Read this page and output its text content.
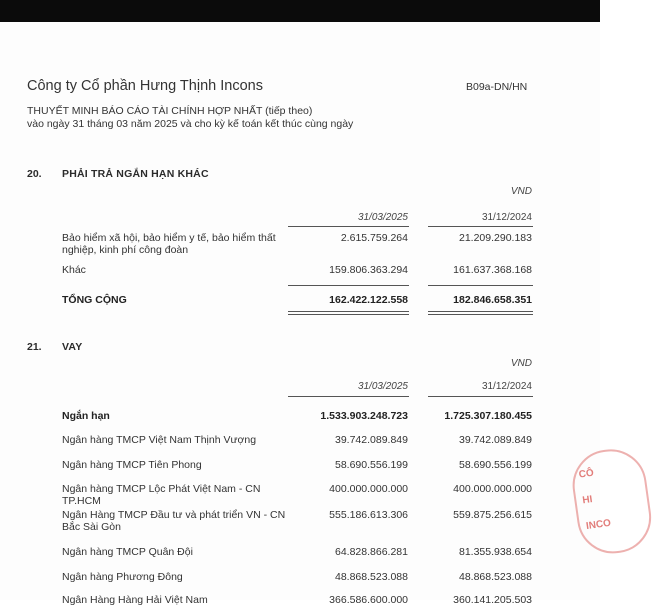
Công ty Cổ phần Hưng Thịnh Incons	B09a-DN/HN
THUYẾT MINH BÁO CÁO TÀI CHÍNH HỢP NHẤT (tiếp theo)
vào ngày 31 tháng 03 năm 2025 và cho kỳ kế toán kết thúc cùng ngày
20. PHẢI TRẢ NGẮN HẠN KHÁC
VND
31/03/2025	31/12/2024
Bảo hiểm xã hội, bảo hiểm y tế, bảo hiểm thất nghiệp, kinh phí công đoàn
2.615.759.264	21.209.290.183
Khác	159.806.363.294	161.637.368.168
TỔNG CỘNG	162.422.122.558	182.846.658.351
21. VAY
VND
31/03/2025	31/12/2024
Ngắn hạn	1.533.903.248.723	1.725.307.180.455
Ngân hàng TMCP Việt Nam Thịnh Vượng	39.742.089.849	39.742.089.849
Ngân hàng TMCP Tiên Phong	58.690.556.199	58.690.556.199
Ngân hàng TMCP Lộc Phát Việt Nam - CN TP.HCM
400.000.000.000	400.000.000.000
Ngân Hàng TMCP Đầu tư và phát triển VN - CN Bắc Sài Gòn
555.186.613.306	559.875.256.615
Ngân hàng TMCP Quân Đội	64.828.866.281	81.355.938.654
Ngân hàng Phương Đông	48.868.523.088	48.868.523.088
Ngân Hàng Hàng Hải Việt Nam	366.586.600.000	360.141.205.503
CÔ
HI
INCO
